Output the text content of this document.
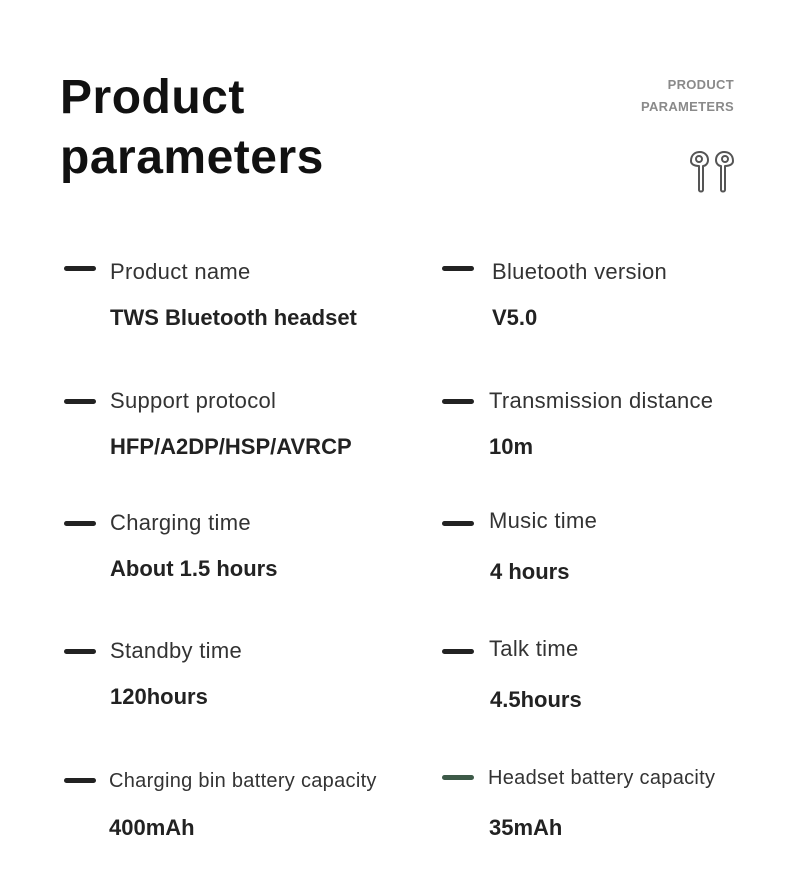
Product
parameters
PRODUCT
PARAMETERS
Product name
TWS Bluetooth headset
Bluetooth version
V5.0
Support protocol
HFP/A2DP/HSP/AVRCP
Transmission distance
10m
Charging time
About 1.5 hours
Music time
4 hours
Standby time
120hours
Talk time
4.5hours
Charging bin battery capacity
400mAh
Headset battery capacity
35mAh
